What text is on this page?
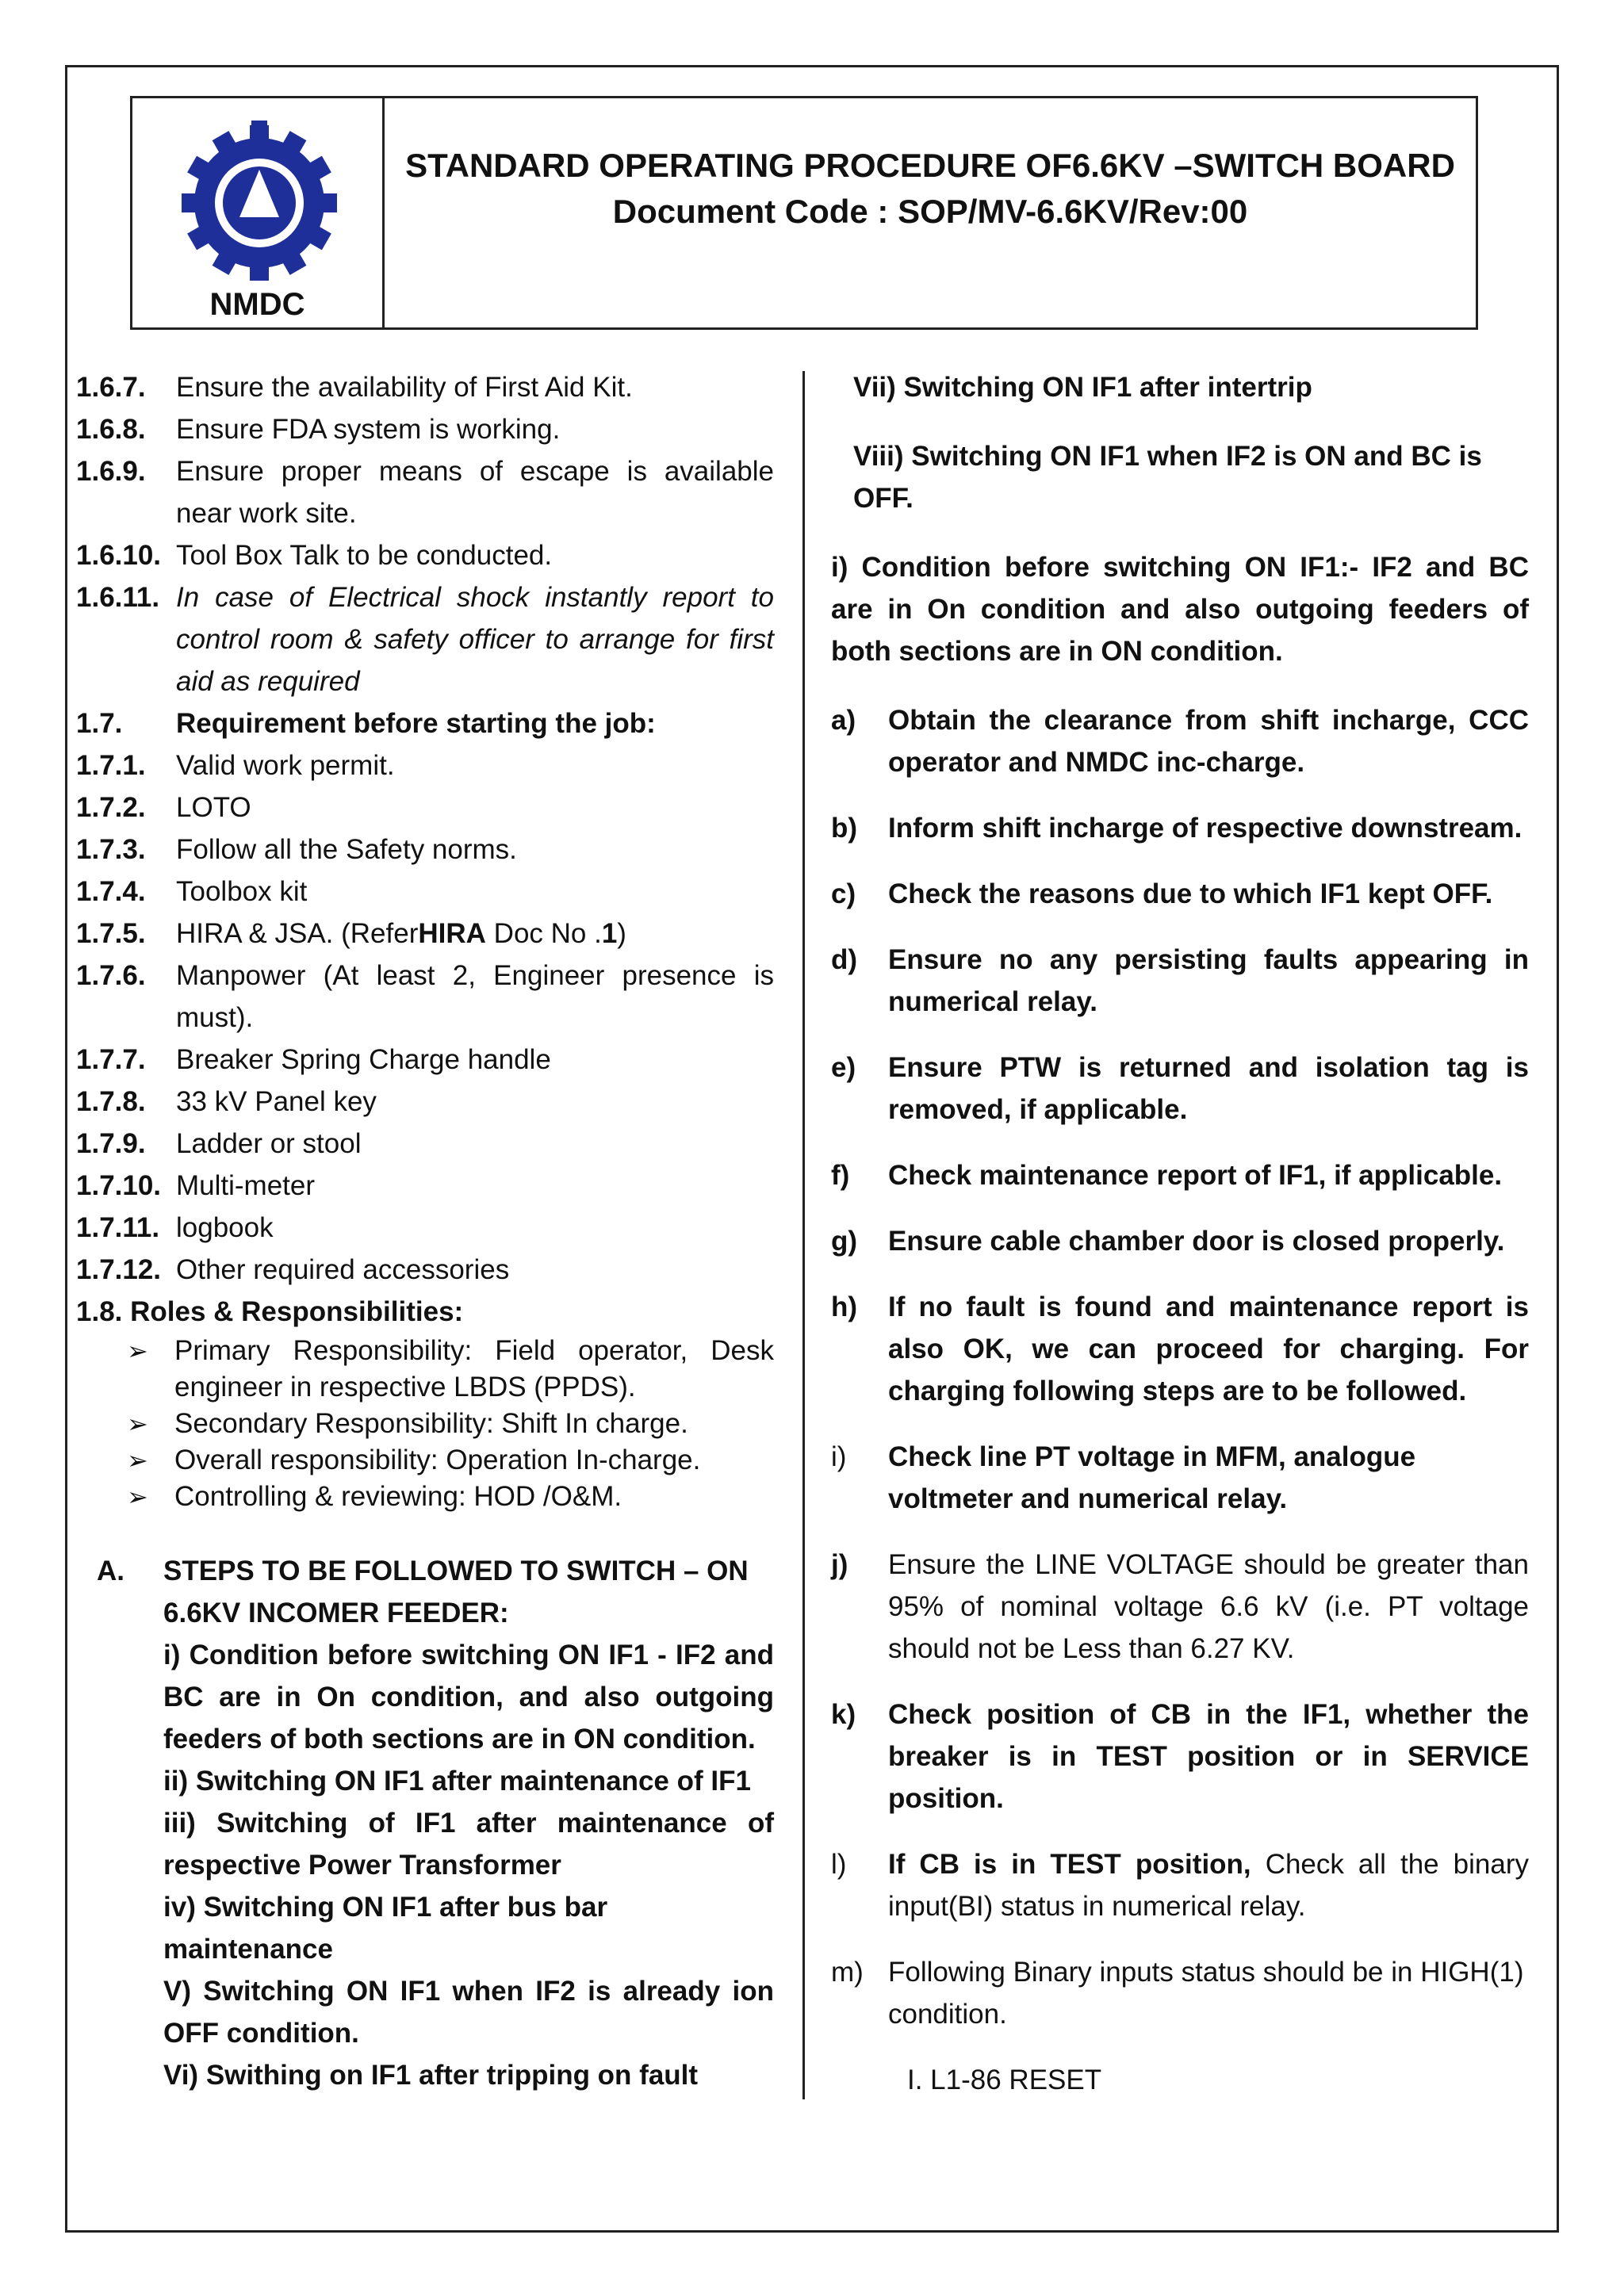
NMDC
STANDARD OPERATING PROCEDURE OF6.6KV –SWITCH BOARD
Document Code : SOP/MV-6.6KV/Rev:00
1.6.7.	Ensure the availability of First Aid Kit.
1.6.8.	Ensure FDA system is working.
1.6.9.	Ensure proper means of escape is available near work site.
1.6.10. Tool Box Talk to be conducted.
1.6.11. In case of Electrical shock instantly report to control room & safety officer to arrange for first aid as required
1.7.	Requirement before starting the job:
1.7.1.	Valid work permit.
1.7.2.	LOTO
1.7.3.	Follow all the Safety norms.
1.7.4.	Toolbox kit
1.7.5.	HIRA & JSA. (ReferHIRA Doc No .1)
1.7.6.	Manpower (At least 2, Engineer presence is must).
1.7.7.	Breaker Spring Charge handle
1.7.8.	33 kV Panel key
1.7.9.	Ladder or stool
1.7.10. Multi-meter
1.7.11. logbook
1.7.12. Other required accessories
1.8. Roles & Responsibilities:
➢ Primary Responsibility: Field operator, Desk engineer in respective LBDS (PPDS).
➢ Secondary Responsibility: Shift In charge.
➢ Overall responsibility: Operation In-charge.
➢ Controlling & reviewing: HOD /O&M.
A.	STEPS TO BE FOLLOWED TO SWITCH – ON 6.6KV INCOMER FEEDER:
i) Condition before switching ON IF1 - IF2 and BC are in On condition, and also outgoing feeders of both sections are in ON condition.
ii) Switching ON IF1 after maintenance of IF1
iii) Switching of IF1 after maintenance of respective Power Transformer
iv) Switching ON IF1 after bus bar maintenance
V) Switching ON IF1 when IF2 is already ion OFF condition.
Vi) Swithing on IF1 after tripping on fault
Vii) Switching ON IF1 after intertrip
Viii) Switching ON IF1 when IF2 is ON and BC is OFF.
i) Condition before switching ON IF1:- IF2 and BC are in On condition and also outgoing feeders of both sections are in ON condition.
a)	Obtain the clearance from shift incharge, CCC operator and NMDC inc-charge.
b)	Inform shift incharge of respective downstream.
c)	Check the reasons due to which IF1 kept OFF.
d)	Ensure no any persisting faults appearing in numerical relay.
e)	Ensure PTW is returned and isolation tag is removed, if applicable.
f)	Check maintenance report of IF1, if applicable.
g)	Ensure cable chamber door is closed properly.
h)	If no fault is found and maintenance report is also OK, we can proceed for charging. For charging following steps are to be followed.
i)	Check line PT voltage in MFM, analogue voltmeter and numerical relay.
j)	Ensure the LINE VOLTAGE should be greater than 95% of nominal voltage 6.6 kV (i.e. PT voltage should not be Less than 6.27 KV.
k)	Check position of CB in the IF1, whether the breaker is in TEST position or in SERVICE position.
l)	If CB is in TEST position, Check all the binary input(BI) status in numerical relay.
m) Following Binary inputs status should be in HIGH(1) condition.
I. L1-86 RESET
